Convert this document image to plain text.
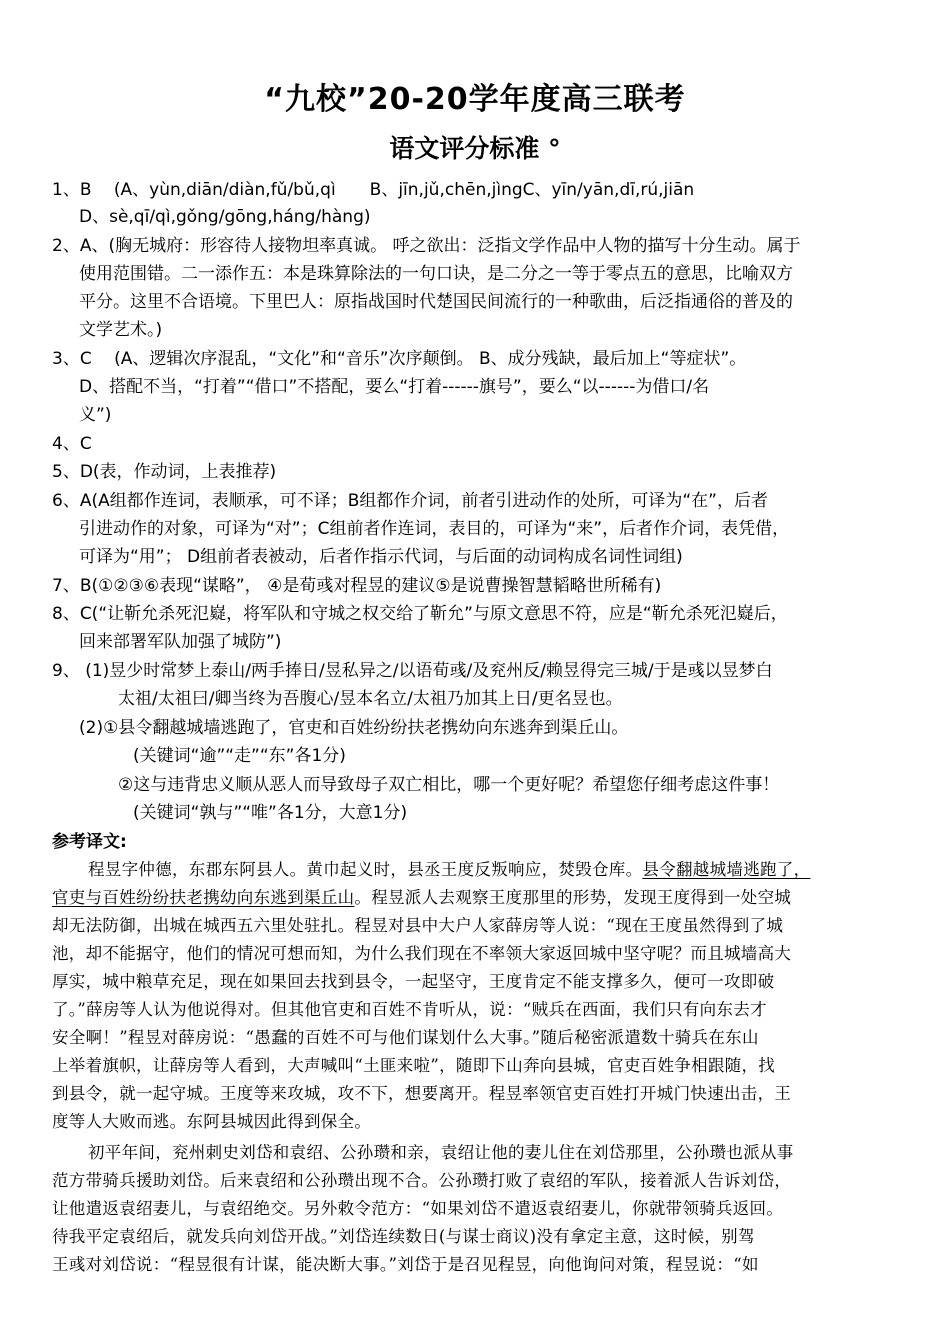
“九校”20-20学年度高三联考
语文评分标准 °
1、B　 (A、yùn,diān/diàn,fǔ/bǔ,qì　　B、jīn,jǔ,chēn,jìngC、yīn/yān,dī,rú,jiān
D、sè,qī/qì,gǒng/gōng,háng/hàng)
2、A、(胸无城府：形容待人接物坦率真诚。 呼之欲出：泛指文学作品中人物的描写十分生动。属于
使用范围错。二一添作五：本是珠算除法的一句口诀，是二分之一等于零点五的意思，比喻双方
平分。这里不合语境。下里巴人：原指战国时代楚国民间流行的一种歌曲，后泛指通俗的普及的
文学艺术。)
3、C　 (A、逻辑次序混乱，“文化”和“音乐”次序颠倒。 B、成分残缺，最后加上“等症状”。
D、搭配不当，“打着”“借口”不搭配，要么“打着------旗号”，要么“以------为借口/名
义”)
4、C
5、D(表，作动词，上表推荐)
6、A(A组都作连词，表顺承，可不译；B组都作介词，前者引进动作的处所，可译为“在”，后者
引进动作的对象，可译为“对”；C组前者作连词，表目的，可译为“来”，后者作介词，表凭借，
可译为“用”； D组前者表被动，后者作指示代词，与后面的动词构成名词性词组)
7、B(①②③⑥表现“谋略”， ④是荀彧对程昱的建议⑤是说曹操智慧韬略世所稀有)
8、C(“让靳允杀死氾嶷，将军队和守城之权交给了靳允”与原文意思不符，应是“靳允杀死氾嶷后，
回来部署军队加强了城防”)
9、 (1)昱少时常梦上泰山/两手捧日/昱私异之/以语荀彧/及兖州反/赖昱得完三城/于是彧以昱梦白
太祖/太祖曰/卿当终为吾腹心/昱本名立/太祖乃加其上日/更名昱也。
(2)①县令翻越城墙逃跑了，官吏和百姓纷纷扶老携幼向东逃奔到渠丘山。
(关键词“逾”“走”“东”各1分)
②这与违背忠义顺从恶人而导致母子双亡相比，哪一个更好呢？希望您仔细考虑这件事！
(关键词“孰与”“唯”各1分，大意1分)
参考译文:
程昱字仲德，东郡东阿县人。黄巾起义时，县丞王度反叛响应，焚毁仓库。县令翻越城墙逃跑了，
官吏与百姓纷纷扶老携幼向东逃到渠丘山。程昱派人去观察王度那里的形势，发现王度得到一处空城
却无法防御，出城在城西五六里处驻扎。程昱对县中大户人家薛房等人说：“现在王度虽然得到了城
池，却不能据守，他们的情况可想而知，为什么我们现在不率领大家返回城中坚守呢？而且城墙高大
厚实，城中粮草充足，现在如果回去找到县令，一起坚守，王度肯定不能支撑多久，便可一攻即破
了。”薛房等人认为他说得对。但其他官吏和百姓不肯听从，说：“贼兵在西面，我们只有向东去才
安全啊！”程昱对薛房说：“愚蠢的百姓不可与他们谋划什么大事。”随后秘密派遣数十骑兵在东山
上举着旗帜，让薛房等人看到，大声喊叫“土匪来啦”，随即下山奔向县城，官吏百姓争相跟随，找
到县令，就一起守城。王度等来攻城，攻不下，想要离开。程昱率领官吏百姓打开城门快速出击，王
度等人大败而逃。东阿县城因此得到保全。
初平年间，兖州刺史刘岱和袁绍、公孙瓒和亲，袁绍让他的妻儿住在刘岱那里，公孙瓒也派从事
范方带骑兵援助刘岱。后来袁绍和公孙瓒出现不合。公孙瓒打败了袁绍的军队，接着派人告诉刘岱，
让他遣返袁绍妻儿，与袁绍绝交。另外敕令范方：“如果刘岱不遣返袁绍妻儿，你就带领骑兵返回。
待我平定袁绍后，就发兵向刘岱开战。”刘岱连续数日(与谋士商议)没有拿定主意，这时候，别驾
王彧对刘岱说：“程昱很有计谋，能决断大事。”刘岱于是召见程昱，向他询问对策，程昱说：“如
